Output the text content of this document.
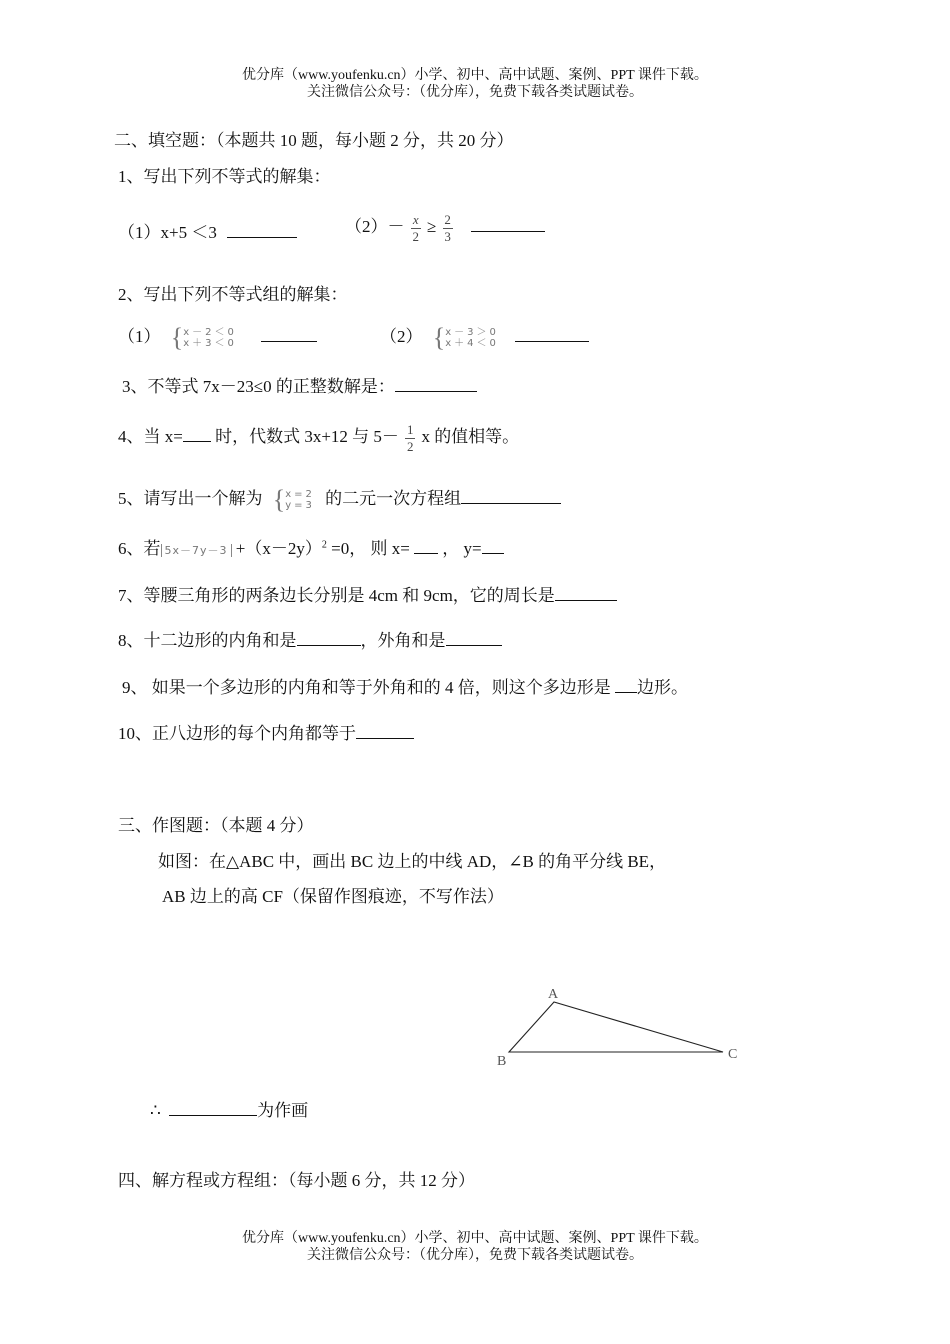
优分库（www.youfenku.cn）小学、初中、高中试题、案例、PPT 课件下载。
关注微信公众号：（优分库），免费下载各类试题试卷。
二、填空题：（本题共 10 题，每小题 2 分，共 20 分）
1、写出下列不等式的解集：
（1）x+5 ＜3	$(2)- \frac{x}{2} \ge \frac{2}{3}$

2、写出下列不等式组的解集：
（1） { x－2＜0
x＋3＜0
	（2） { x－3＞0
x＋4＜0

3、不等式 7x－23≤0 的正整数解是：
4、当 x= 时，代数式 3x+12 与 $5- \frac{1}{2}$ x 的值相等。
5、请写出一个解为 { x=2
y=3 的二元一次方程组
6、若 $5x-7y-3 +(x-2y)^2 =0$， 则 x= ， y=
7、等腰三角形的两条边长分别是 4cm 和 9cm，它的周长是
8、十二边形的内角和是	，外角和是
9、 如果一个多边形的内角和等于外角和的 4 倍，则这个多边形是 边形。
10、正八边形的每个内角都等于
三、作图题：（本题 4 分）
如图：在△ABC 中，画出 BC 边上的中线 AD，∠B 的角平分线 BE，
AB 边上的高 CF（保留作图痕迹，不写作法）
A
B	C
∴	为作画
四、解方程或方程组：（每小题 6 分，共 12 分）
优分库（www.youfenku.cn）小学、初中、高中试题、案例、PPT 课件下载。
关注微信公众号：（优分库），免费下载各类试题试卷。
